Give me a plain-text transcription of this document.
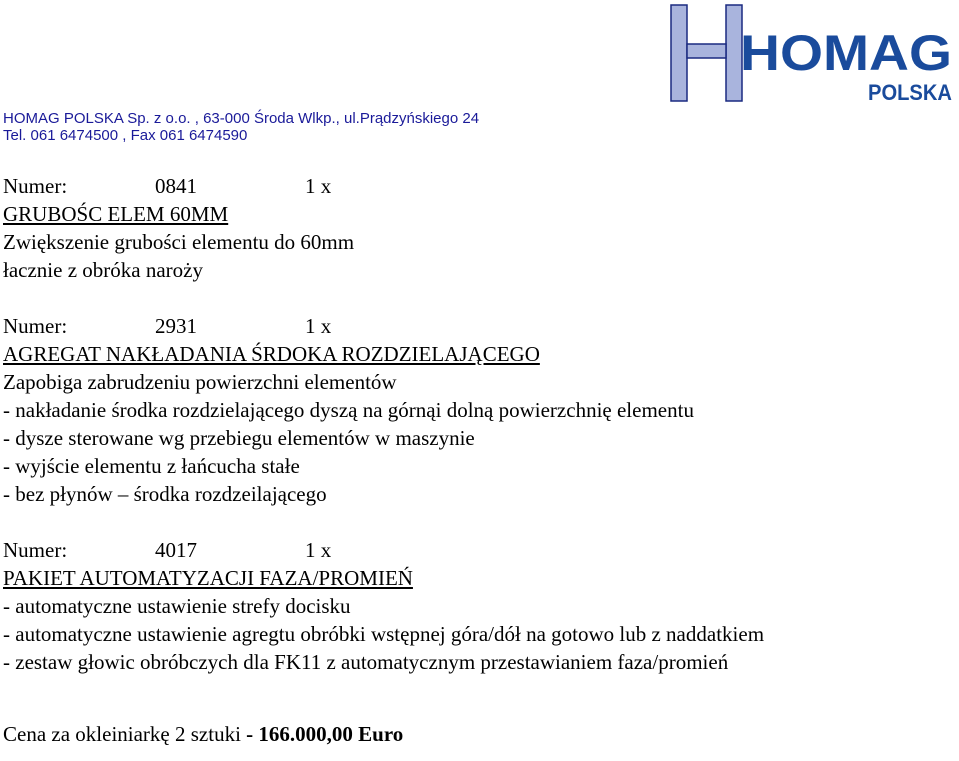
HOMAG
POLSKA
HOMAG POLSKA Sp. z o.o. , 63-000 Środa Wlkp., ul.Prądzyńskiego 24
Tel. 061 6474500 , Fax 061 6474590
Numer:	0841	1 x
GRUBOŚC ELEM 60MM
Zwiększenie grubości elementu do 60mm
łacznie z obróka naroży
Numer:	2931	1 x
AGREGAT NAKŁADANIA ŚRDOKA ROZDZIELAJĄCEGO
Zapobiga zabrudzeniu powierzchni elementów
- nakładanie środka rozdzielającego dyszą na górnąi dolną powierzchnię elementu
- dysze sterowane wg przebiegu elementów w maszynie
- wyjście elementu z łańcucha stałe
- bez płynów – środka rozdzeilającego
Numer:	4017	1 x
PAKIET AUTOMATYZACJI FAZA/PROMIEŃ
- automatyczne ustawienie strefy docisku
- automatyczne ustawienie agregtu obróbki wstępnej góra/dół na gotowo lub z naddatkiem
- zestaw głowic obróbczych dla FK11 z automatycznym przestawianiem faza/promień
Cena za okleiniarkę 2 sztuki - 166.000,00 Euro
